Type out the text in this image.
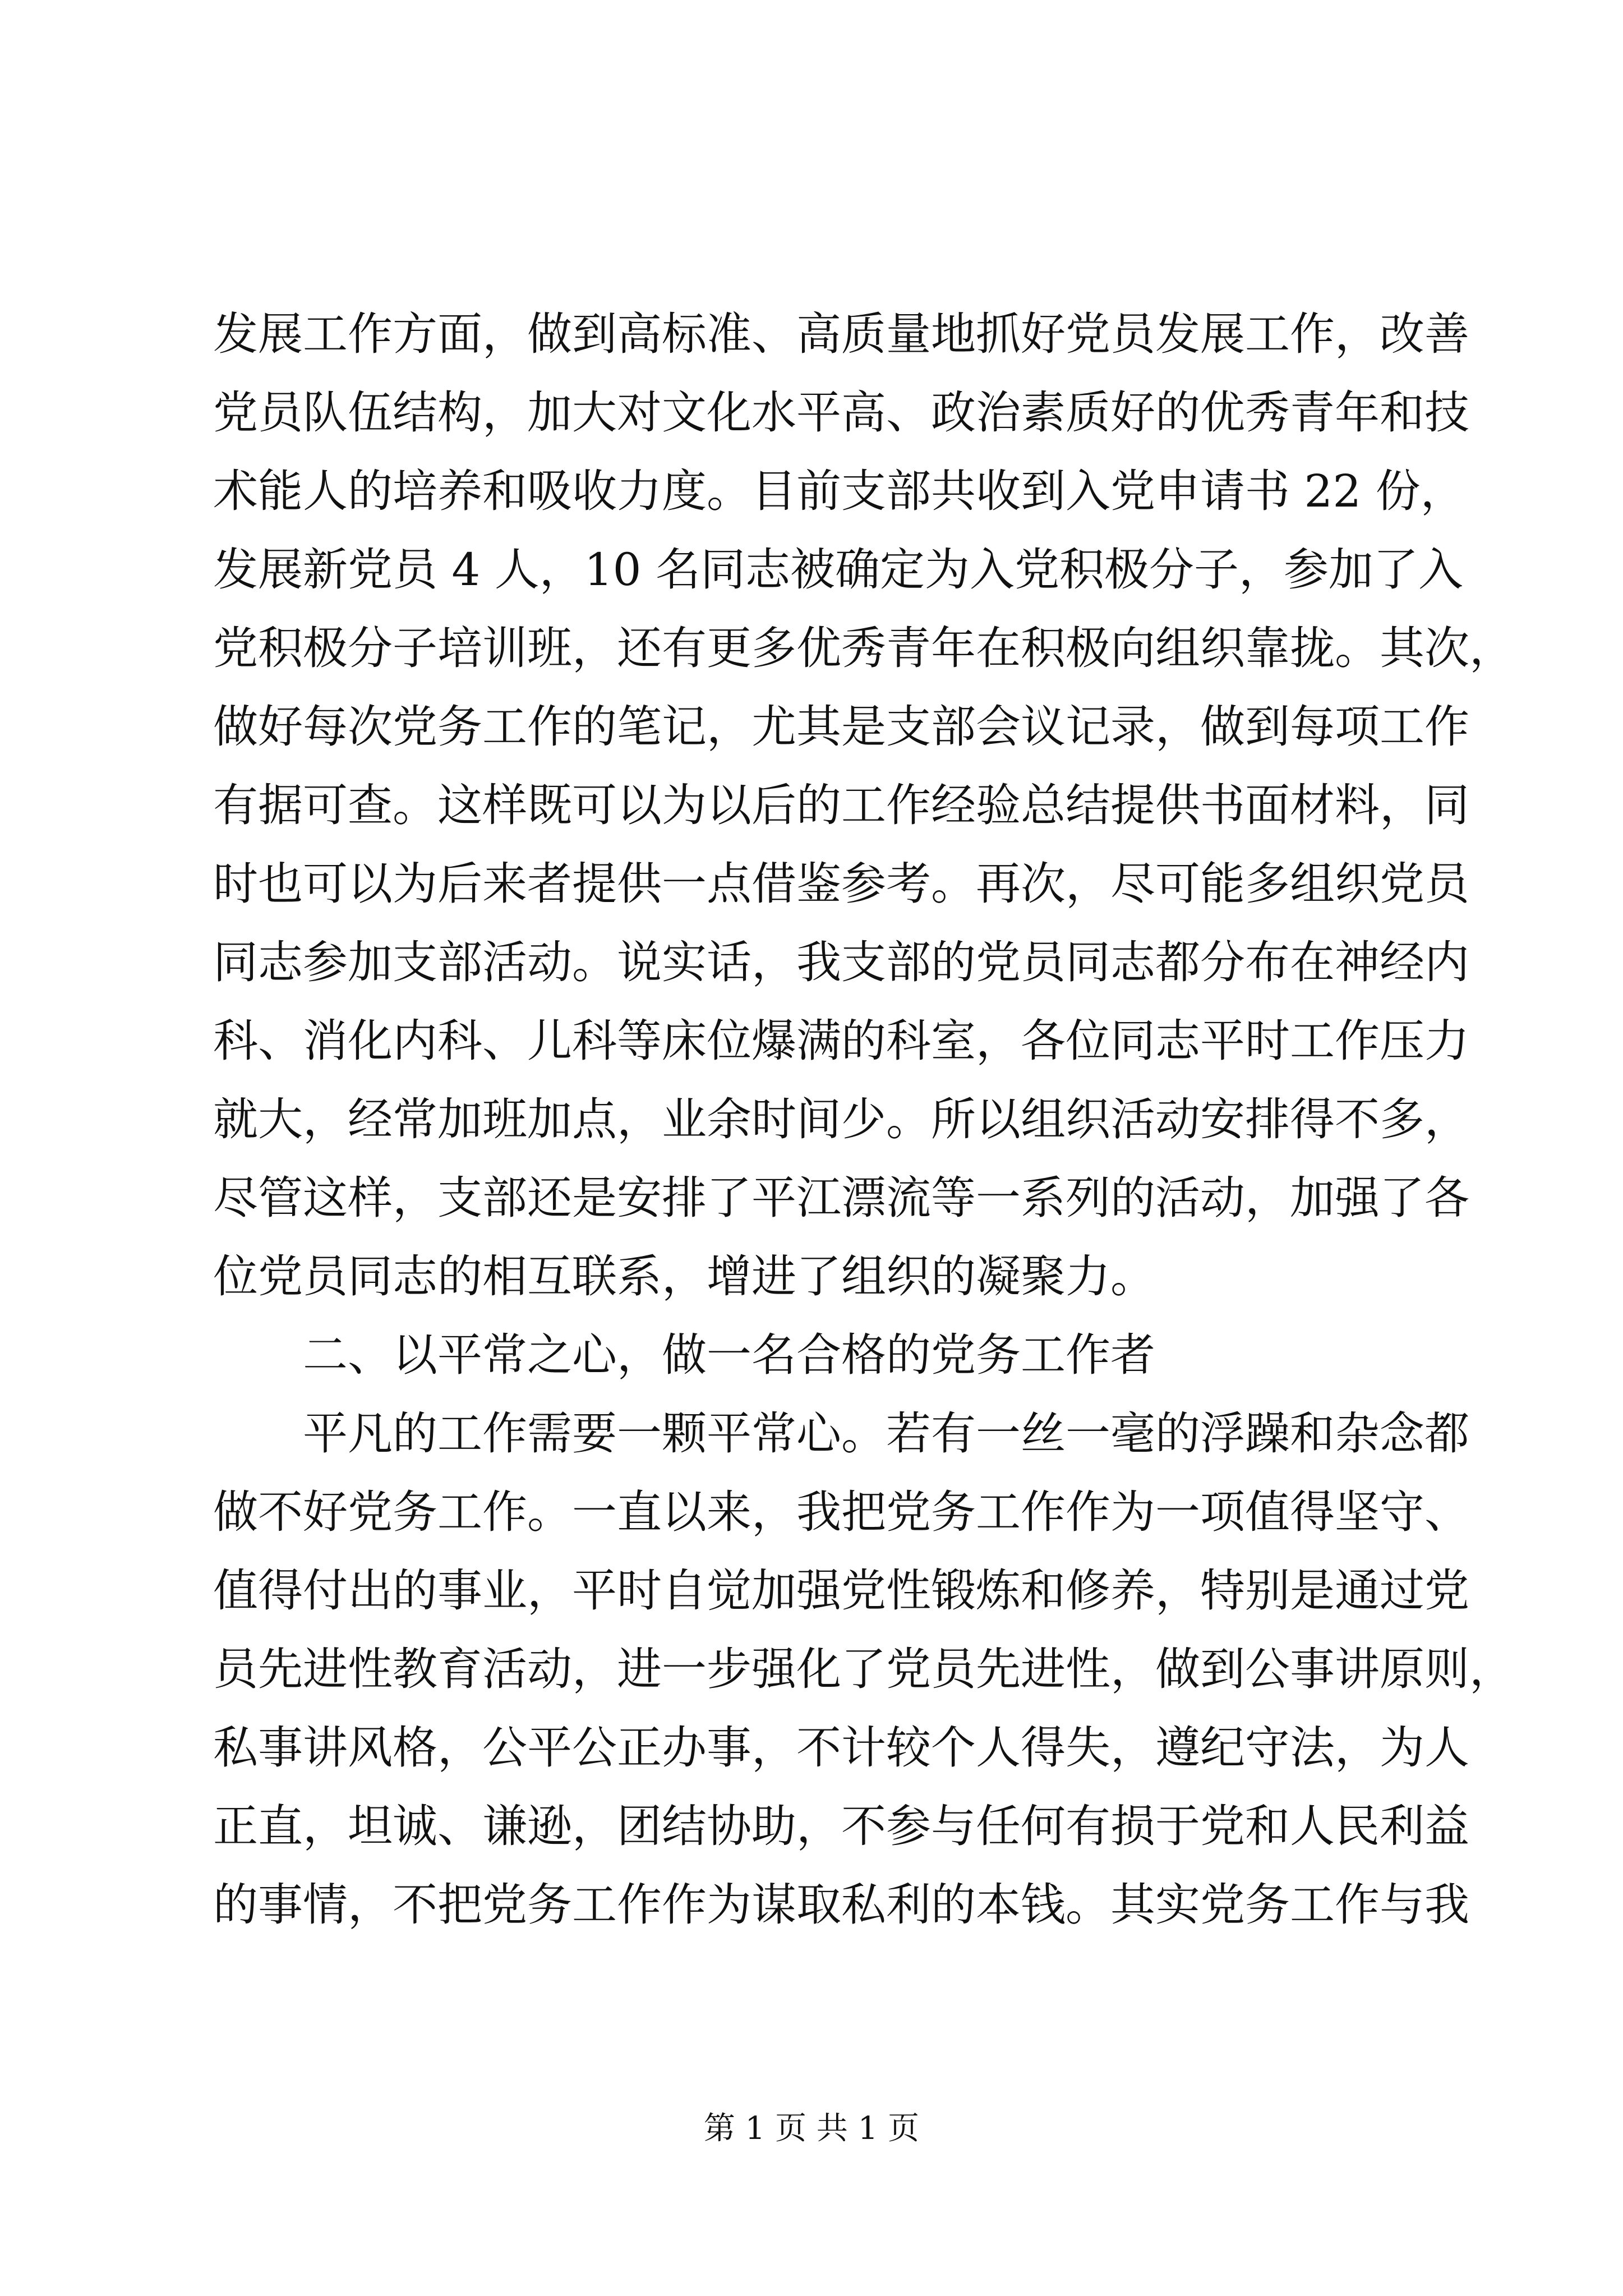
发展工作方面，做到高标准、高质量地抓好党员发展工作，改善
党员队伍结构，加大对文化水平高、政治素质好的优秀青年和技
术能人的培养和吸收力度。目前支部共收到入党申请书 22 份，
发展新党员 4 人，10 名同志被确定为入党积极分子，参加了入
党积极分子培训班，还有更多优秀青年在积极向组织靠拢。其次，
做好每次党务工作的笔记，尤其是支部会议记录，做到每项工作
有据可查。这样既可以为以后的工作经验总结提供书面材料，同
时也可以为后来者提供一点借鉴参考。再次，尽可能多组织党员
同志参加支部活动。说实话，我支部的党员同志都分布在神经内
科、消化内科、儿科等床位爆满的科室，各位同志平时工作压力
就大，经常加班加点，业余时间少。所以组织活动安排得不多，
尽管这样，支部还是安排了平江漂流等一系列的活动，加强了各
位党员同志的相互联系，增进了组织的凝聚力。
二、以平常之心，做一名合格的党务工作者
平凡的工作需要一颗平常心。若有一丝一毫的浮躁和杂念都
做不好党务工作。一直以来，我把党务工作作为一项值得坚守、
值得付出的事业，平时自觉加强党性锻炼和修养，特别是通过党
员先进性教育活动，进一步强化了党员先进性，做到公事讲原则，
私事讲风格，公平公正办事，不计较个人得失，遵纪守法，为人
正直，坦诚、谦逊，团结协助，不参与任何有损于党和人民利益
的事情，不把党务工作作为谋取私利的本钱。其实党务工作与我
第 1 页 共 1 页
